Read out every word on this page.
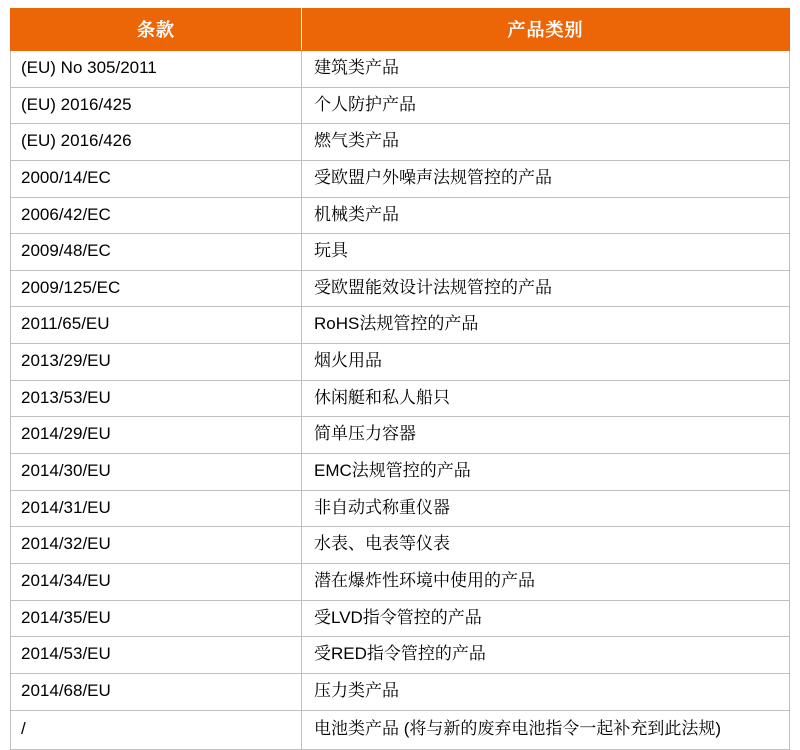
条款	产品类别
(EU) No 305/2011	建筑类产品
(EU) 2016/425	个人防护产品
(EU) 2016/426	燃气类产品
2000/14/EC	受欧盟户外噪声法规管控的产品
2006/42/EC	机械类产品
2009/48/EC	玩具
2009/125/EC	受欧盟能效设计法规管控的产品
2011/65/EU	RoHS法规管控的产品
2013/29/EU	烟火用品
2013/53/EU	休闲艇和私人船只
2014/29/EU	简单压力容器
2014/30/EU	EMC法规管控的产品
2014/31/EU	非自动式称重仪器
2014/32/EU	水表、电表等仪表
2014/34/EU	潜在爆炸性环境中使用的产品
2014/35/EU	受LVD指令管控的产品
2014/53/EU	受RED指令管控的产品
2014/68/EU	压力类产品
/	电池类产品 (将与新的废弃电池指令一起补充到此法规)
